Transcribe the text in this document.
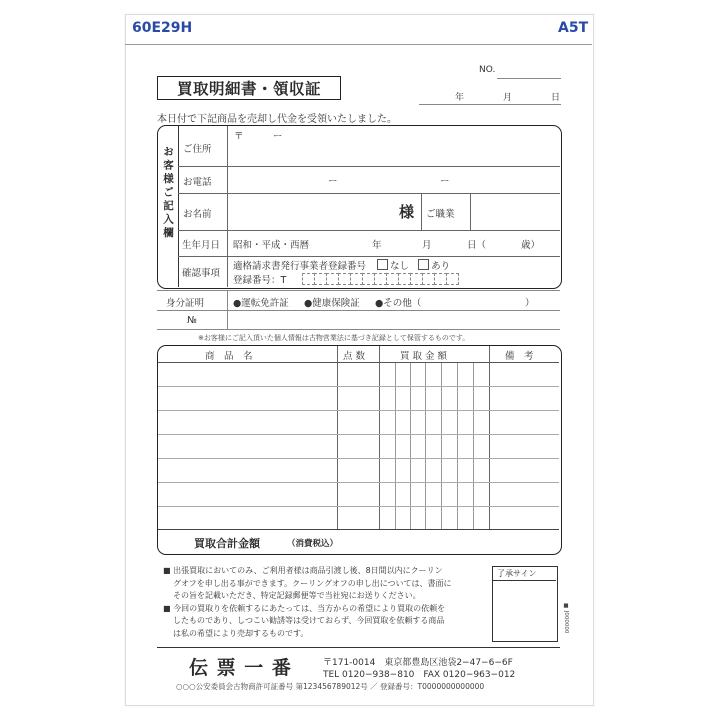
60E29H	A5T
買取明細書・領収証
NO.
年	月	日
本日付で下記商品を売却し代金を受領いたしました。
お客様ご記入欄 ご住所
〒	ー
お電話	ー	ー
お名前	様 ご職業
生年月日 昭和・平成・西暦	年	月	日（	歳）
確認事項
適格請求書発行事業者登録番号	なし あり
登録番号：T
身分証明	●運転免許証 ●健康保険証 ●その他（	）
№
※お客様にご記入頂いた個人情報は古物営業法に基づき記録として保管するものです。
商　品　名	点 数	買 取 金 額	備　考
買取合計金額	（消費税込）
■ 出張買取においてのみ、ご利用者様は商品引渡し後、8日間以内にクーリン
グオフを申し出る事ができます。クーリングオフの申し出については、書面に
その旨を記載いただき、特定記録郵便等で当社宛にお送りください。
■ 今回の買取りを依頼するにあたっては、当方からの希望により買取の依頼を
したものであり、しつこい勧誘等は受けておらず、今回買取を依頼する商品
は私の希望により売却するものです。
了承サイン
■ J000000
伝 票 一 番	〒171-0014　東京都豊島区池袋2−47−6−6F
TEL 0120−938−810　FAX 0120−963−012
○○○公安委員会古物商許可証番号 第123456789012号 ／ 登録番号：T0000000000000
